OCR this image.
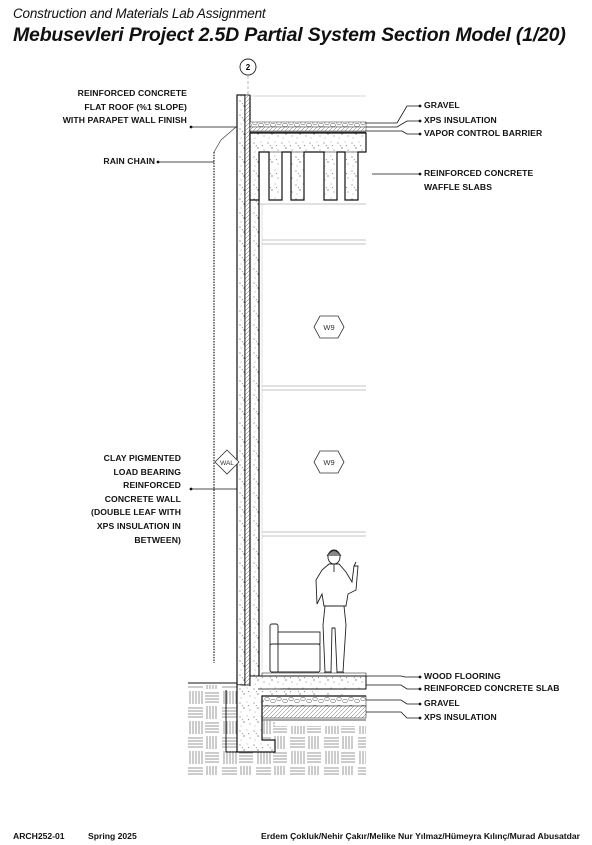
Construction and Materials Lab Assignment
Mebusevleri Project 2.5D Partial System Section Model (1/20)
2
W9
W9
WAL
REINFORCED CONCRETE
FLAT ROOF (%1 SLOPE)
WITH PARAPET WALL FINISH
RAIN CHAIN
CLAY PIGMENTED
LOAD BEARING
REINFORCED
CONCRETE WALL
(DOUBLE LEAF WITH
XPS INSULATION IN
BETWEEN)
GRAVEL
XPS INSULATION
VAPOR CONTROL BARRIER
REINFORCED CONCRETE
WAFFLE SLABS
WOOD FLOORING
REINFORCED CONCRETE SLAB
GRAVEL
XPS INSULATION
ARCH252-01	Spring 2025	Erdem Çokluk/Nehir Çakır/Melike Nur Yılmaz/Hümeyra Kılınç/Murad Abusatdar
